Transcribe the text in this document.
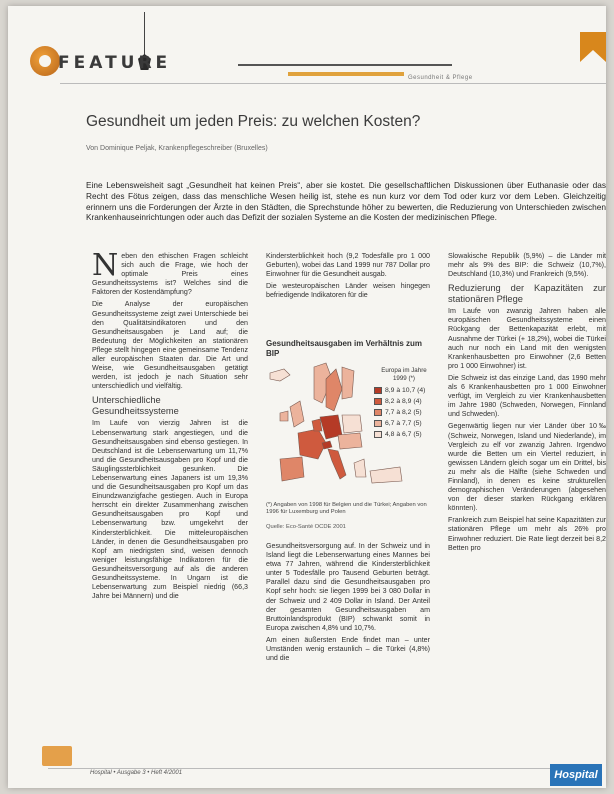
FEATURE
Gesundheit & Pflege
Gesundheit um jeden Preis: zu welchen Kosten?
Von Dominique Peljak, Krankenpflegeschreiber (Bruxelles)
Eine Lebensweisheit sagt „Gesundheit hat keinen Preis“, aber sie kostet. Die gesellschaftlichen Diskussionen über Euthanasie oder das Recht des Fötus zeigen, dass das menschliche Wesen heilig ist, stehe es nun kurz vor dem Tod oder kurz vor dem Leben. Gleichzeitig erinnern uns die Forderungen der Ärzte in den Städten, die Sprechstunde höher zu bewerten, die Reduzierung von Unterschieden zwischen Krankenhauseinrichtungen oder auch das Defizit der sozialen Systeme an die Kosten der medizinischen Pflege.

Neben den ethischen Fragen schleicht sich auch die Frage, wie hoch der optimale Preis eines Gesundheitssystems ist? Welches sind die Faktoren der Kostendämpfung?

Die Analyse der europäischen Gesundheitssysteme zeigt zwei Unterschiede bei den Qualitätsindikatoren und den Gesundheitsausgaben je Land auf; die Bedeutung der Möglichkeiten an stationären Pflege stellt hingegen eine gemeinsame Tendenz aller europäischen Staaten dar. Die Art und Weise, wie Gesundheitsausgaben getätigt werden, ist jedoch je nach Situation sehr unterschiedlich und vielfältig.

Unterschiedliche Gesundheitssysteme

Im Laufe von vierzig Jahren ist die Lebenserwartung stark angestiegen, und die Gesundheitsausgaben sind ebenso gestiegen. In Deutschland ist die Lebenserwartung um 11,7% und die Gesundheitsausgaben pro Kopf und die Säuglingssterblichkeit gesunken. Die Lebenserwartung eines Japaners ist um 19,3% und die Gesundheitsausgaben pro Kopf um das Einundzwanzigfache gestiegen. Auch in Europa herrscht ein direkter Zusammenhang zwischen Gesundheitsausgaben pro Kopf und Lebenserwartung bzw. umgekehrt der Kindersterblichkeit. Die mitteleuropäischen Länder, in denen die Gesundheitsausgaben pro Kopf am niedrigsten sind, weisen dennoch weniger leistungsfähige Indikatoren für die Gesundheitsversorgung auf als die anderen Gesundheitssysteme. In Ungarn ist die Lebenserwartung zum Beispiel niedrig (66,3 Jahre bei Männern) und die

Kindersterblichkeit hoch (9,2 Todesfälle pro 1 000 Geburten), wobei das Land 1999 nur 787 Dollar pro Einwohner für die Gesundheit ausgab.

Die westeuropäischen Länder weisen hingegen befriedigende Indikatoren für die

Gesundheitsausgaben im Verhältnis zum BIP
Europa im Jahre 1999 (*)
8,9 à 10,7 (4)
8,2 à 8,9 (4)
7,7 à 8,2 (5)
6,7 à 7,7 (5)
4,8 à 6,7 (5)
(*) Angaben von 1998 für Belgien und die Türkei; Angaben von 1996 für Luxemburg und Polen
Quelle: Eco-Santé OCDE 2001

Gesundheitsversorgung auf. In der Schweiz und in Island liegt die Lebenserwartung eines Mannes bei etwa 77 Jahren, während die Kindersterblichkeit unter 5 Todesfälle pro Tausend Geburten beträgt. Parallel dazu sind die Gesundheitsausgaben pro Kopf sehr hoch: sie liegen 1999 bei 3 080 Dollar in der Schweiz und 2 409 Dollar in Island. Der Anteil der gesamten Gesundheitsausgaben am Bruttoinlandsprodukt (BIP) schwankt somit in Europa zwischen 4,8% und 10,7%.

Am einen äußersten Ende findet man – unter Umständen wenig erstaunlich – die Türkei (4,8%) und die

Slowakische Republik (5,9%) – die Länder mit mehr als 9% des BIP: die Schweiz (10,7%), Deutschland (10,3%) und Frankreich (9,5%).

Reduzierung der Kapazitäten zur stationären Pflege

Im Laufe von zwanzig Jahren haben alle europäischen Gesundheitssysteme einen Rückgang der Bettenkapazität erlebt, mit Ausnahme der Türkei (+ 18,2%), wobei die Türkei auch nur noch ein Land mit den wenigsten Krankenhausbetten pro Einwohner (2,6 Betten pro 1 000 Einwohner) ist.

Die Schweiz ist das einzige Land, das 1990 mehr als 6 Krankenhausbetten pro 1 000 Einwohner verfügt, im Vergleich zu vier Krankenhausbetten im Jahre 1980 (Schweden, Norwegen, Finnland und Schweden).

Gegenwärtig liegen nur vier Länder über 10‰ (Schweiz, Norwegen, Island und Niederlande), im Vergleich zu elf vor zwanzig Jahren. Irgendwo wurde die Betten um ein Viertel reduziert, in gewissen Ländern gleich sogar um ein Drittel, bis zu mehr als die Hälfte (siehe Schweden und Finnland), in denen es keine strukturellen demographischen Veränderungen (abgesehen von der dieser starken Rückgang erklären könnten).

Frankreich zum Beispiel hat seine Kapazitäten zur stationären Pflege um mehr als 26% pro Einwohner reduziert. Die Rate liegt derzeit bei 8,2 Betten pro

Hospital • Ausgabe 3 • Heft 4/2001	Hospital
